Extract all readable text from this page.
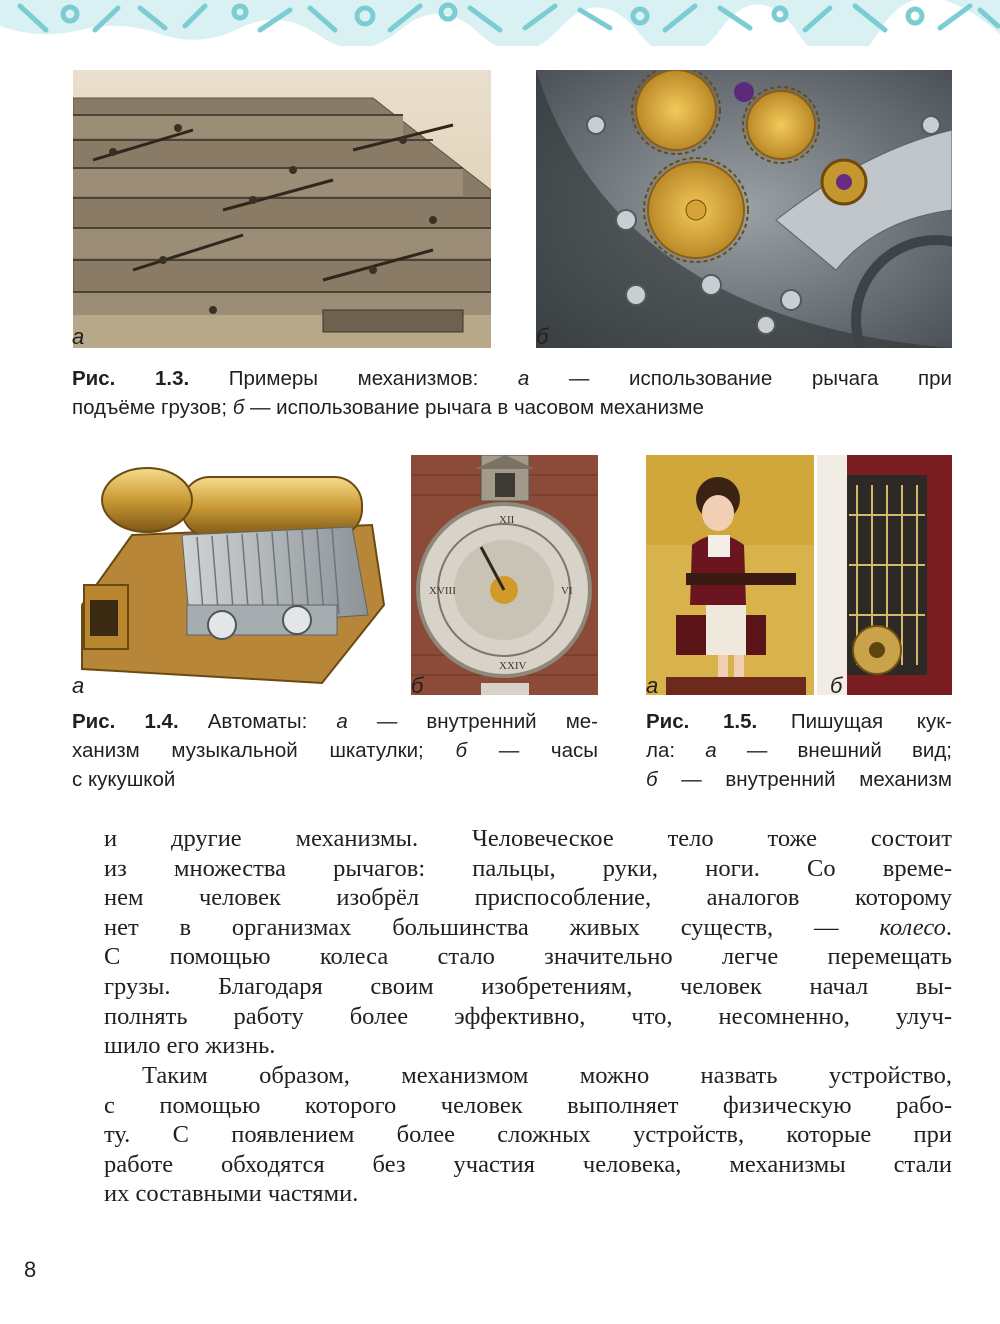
а	б
Рис. 1.3. Примеры механизмов: а — использование рычага при
подъёме грузов; б — использование рычага в часовом механизме
а
XII
VI
XVIII
XXIV
б	а	б
Рис. 1.4. Автоматы: а — внутренний ме-
ханизм музыкальной шкатулки; б — часы
с кукушкой
Рис. 1.5. Пишущая кук-
ла: а — внешний вид;
б — внутренний механизм
и другие механизмы. Человеческое тело тоже состоит
из множества рычагов: пальцы, руки, ноги. Со време-
нем человек изобрёл приспособление, аналогов которому
нет в организмах большинства живых существ, — колесо.
С помощью колеса стало значительно легче перемещать
грузы. Благодаря своим изобретениям, человек начал вы-
полнять работу более эффективно, что, несомненно, улуч-
шило его жизнь.
Таким образом, механизмом можно назвать устройство,
с помощью которого человек выполняет физическую рабо-
ту. С появлением более сложных устройств, которые при
работе обходятся без участия человека, механизмы стали
их составными частями.
8
